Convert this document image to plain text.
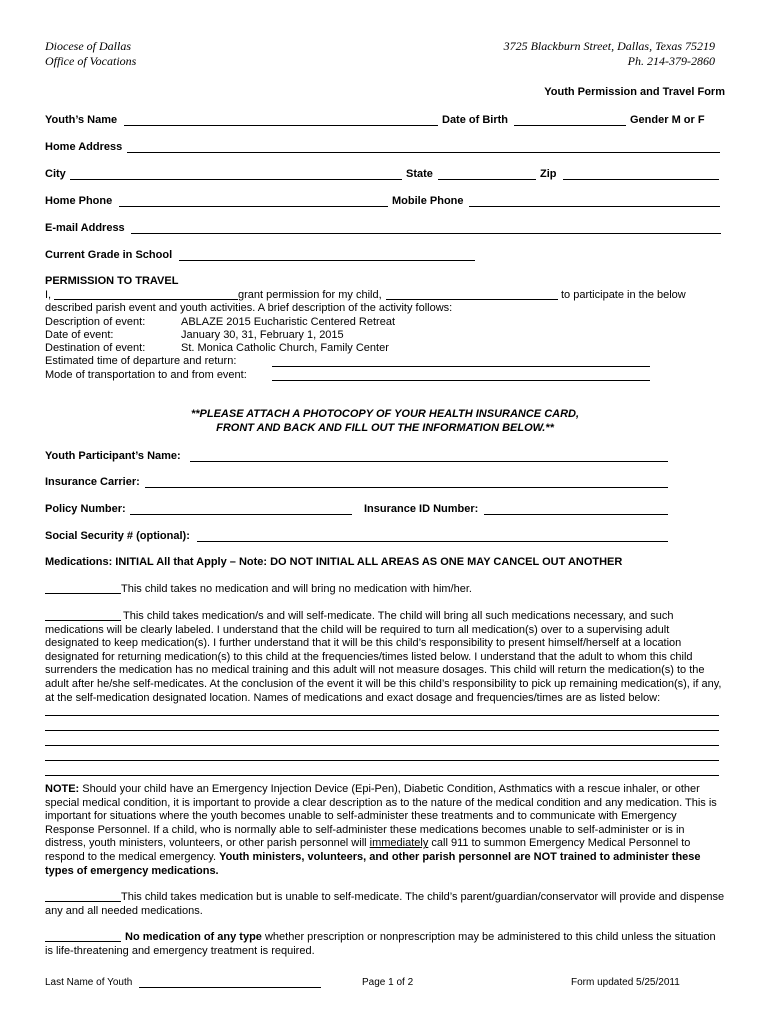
Diocese of Dallas
Office of Vocations
3725 Blackburn Street, Dallas, Texas 75219
Ph. 214-379-2860
Youth Permission and Travel Form
Youth’s Name	Date of Birth	Gender M or F
Home Address
City	State	Zip
Home Phone	Mobile Phone
E-mail Address
Current Grade in School
PERMISSION TO TRAVEL
I,	grant permission for my child,	to participate in the below
described parish event and youth activities. A brief description of the activity follows:
Description of event:	ABLAZE 2015 Eucharistic Centered Retreat
Date of event:	January 30, 31, February 1, 2015
Destination of event:	St. Monica Catholic Church, Family Center
Estimated time of departure and return:
Mode of transportation to and from event:
**PLEASE ATTACH A PHOTOCOPY OF YOUR HEALTH INSURANCE CARD,
FRONT AND BACK AND FILL OUT THE INFORMATION BELOW.**
Youth Participant’s Name:
Insurance Carrier:
Policy Number:	Insurance ID Number:
Social Security # (optional):
Medications: INITIAL All that Apply – Note: DO NOT INITIAL ALL AREAS AS ONE MAY CANCEL OUT ANOTHER
This child takes no medication and will bring no medication with him/her.
This child takes medication/s and will self-medicate. The child will bring all such medications necessary, and such medications will be clearly labeled. I understand that the child will be required to turn all medication(s) over to a supervising adult designated to keep medication(s). I further understand that it will be this child’s responsibility to present himself/herself at a location designated for returning medication(s) to this child at the frequencies/times listed below. I understand that the adult to whom this child surrenders the medication has no medical training and this adult will not measure dosages. This child will return the medication(s) to the adult after he/she self-medicates. At the conclusion of the event it will be this child’s responsibility to pick up remaining medication(s), if any, at the self-medication designated location. Names of medications and exact dosage and frequencies/times are as listed below:
NOTE: Should your child have an Emergency Injection Device (Epi-Pen), Diabetic Condition, Asthmatics with a rescue inhaler, or other special medical condition, it is important to provide a clear description as to the nature of the medical condition and any medication. This is important for situations where the youth becomes unable to self-administer these treatments and to communicate with Emergency Response Personnel. If a child, who is normally able to self-administer these medications becomes unable to self-administer or is in distress, youth ministers, volunteers, or other parish personnel will immediately call 911 to summon Emergency Medical Personnel to respond to the medical emergency. Youth ministers, volunteers, and other parish personnel are NOT trained to administer these types of emergency medications.
This child takes medication but is unable to self-medicate. The child’s parent/guardian/conservator will provide and dispense any and all needed medications.
No medication of any type whether prescription or nonprescription may be administered to this child unless the situation is life-threatening and emergency treatment is required.
Last Name of Youth	Page 1 of 2	Form updated 5/25/2011
